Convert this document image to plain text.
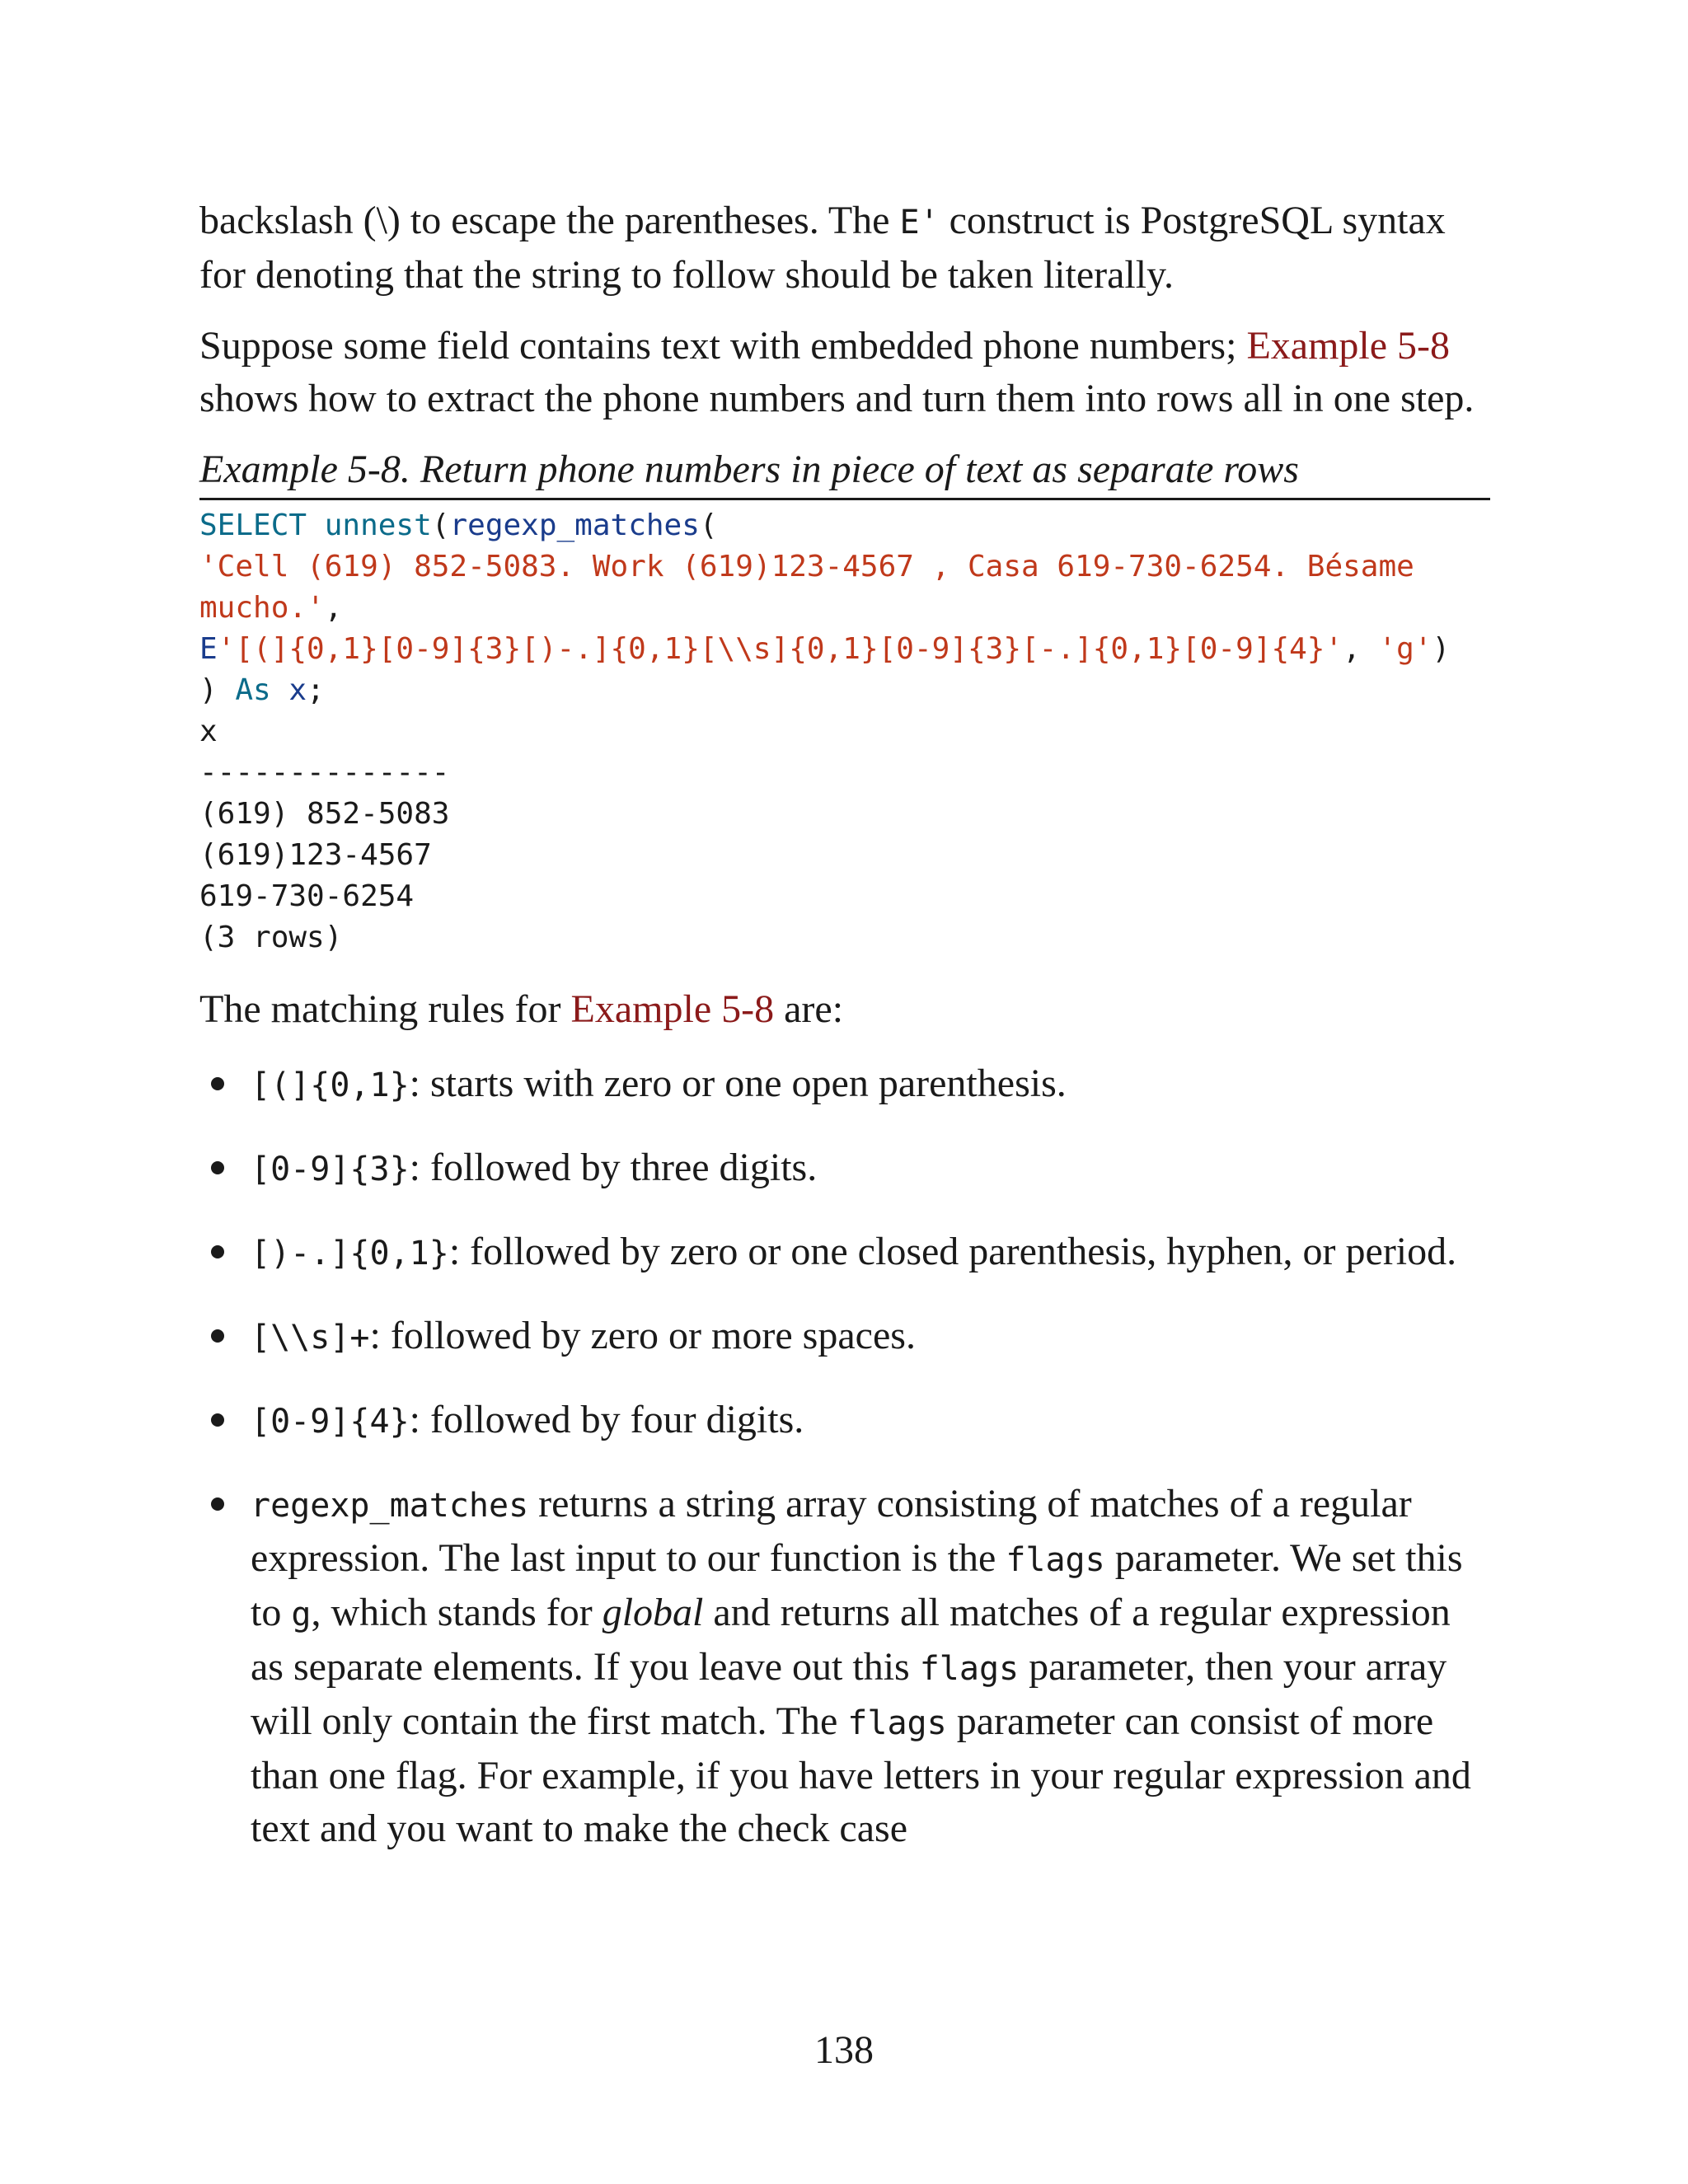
backslash (\) to escape the parentheses. The E' construct is PostgreSQL syntax for denoting that the string to follow should be taken literally.

Suppose some field contains text with embedded phone numbers; Example 5-8 shows how to extract the phone numbers and turn them into rows all in one step.

Example 5-8. Return phone numbers in piece of text as separate rows
SELECT unnest(regexp_matches(
'Cell (619) 852-5083. Work (619)123-4567 , Casa 619-730-6254. Bésame
mucho.',
E'[(]{0,1}[0-9]{3}[)-.]{0,1}[\\s]{0,1}[0-9]{3}[-.]{0,1}[0-9]{4}', 'g')
) As x;
x
--------------
(619) 852-5083
(619)123-4567
619-730-6254
(3 rows)

The matching rules for Example 5-8 are:

[(]{0,1}: starts with zero or one open parenthesis.
[0-9]{3}: followed by three digits.
[)-.]{0,1}: followed by zero or one closed parenthesis, hyphen, or period.
[\\s]+: followed by zero or more spaces.
[0-9]{4}: followed by four digits.
regexp_matches returns a string array consisting of matches of a regular expression. The last input to our function is the flags parameter. We set this to g, which stands for global and returns all matches of a regular expression as separate elements. If you leave out this flags parameter, then your array will only contain the first match. The flags parameter can consist of more than one flag. For example, if you have letters in your regular expression and text and you want to make the check case
138
